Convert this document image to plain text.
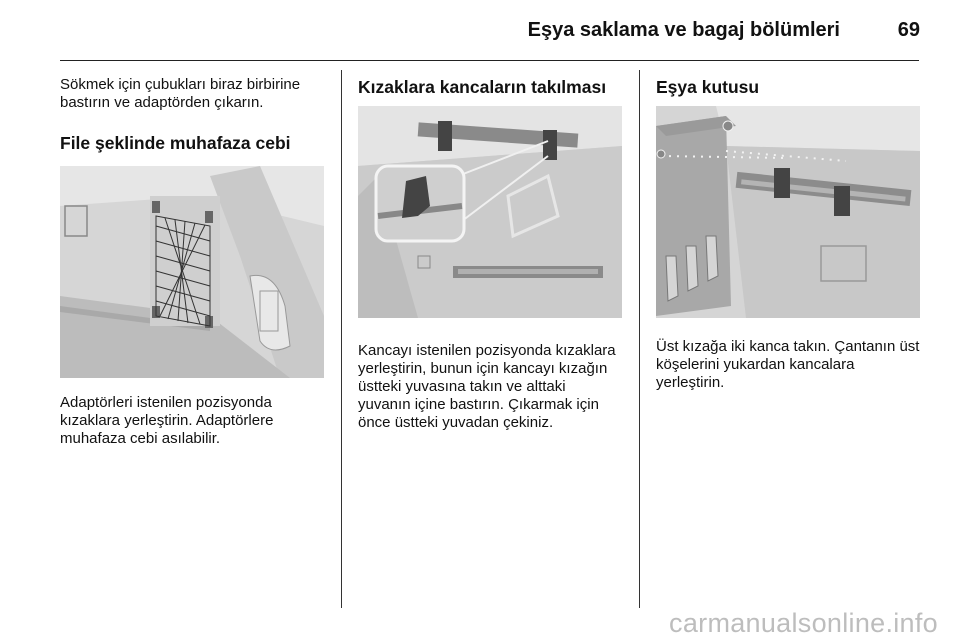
Eşya saklama ve bagaj bölümleri	69

Sökmek için çubukları biraz birbirine bastırın ve adaptörden çıkarın.

File şeklinde muhafaza cebi

Adaptörleri istenilen pozisyonda kızaklara yerleştirin. Adaptörlere muhafaza cebi asılabilir.

Kızaklara kancaların takılması

Kancayı istenilen pozisyonda kızaklara yerleştirin, bunun için kancayı kızağın üstteki yuvasına takın ve alttaki yuvanın içine bastırın. Çıkarmak için önce üstteki yuvadan çekiniz.

Eşya kutusu

Üst kızağa iki kanca takın. Çantanın üst köşelerini yukardan kancalara yerleştirin.

carmanualsonline.info
